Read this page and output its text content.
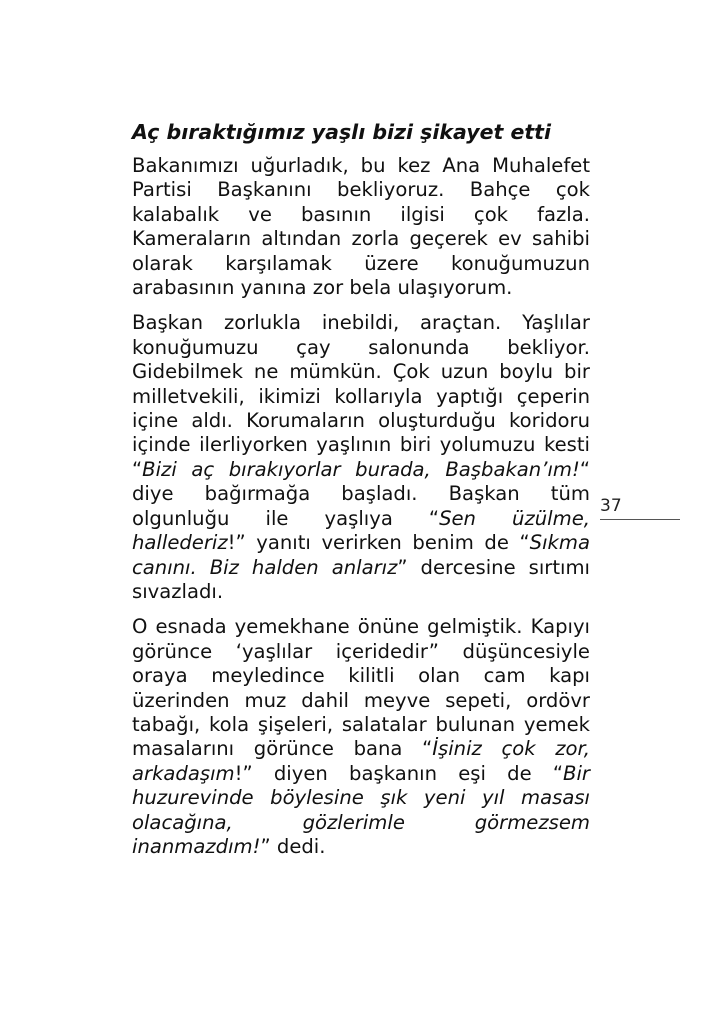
Aç bıraktığımız yaşlı bizi şikayet etti

Bakanımızı uğurladık, bu kez Ana Muhalefet Partisi Başkanını bekliyoruz. Bahçe çok kalabalık ve basının ilgisi çok fazla. Kameraların altından zorla geçerek ev sahibi olarak karşılamak üzere konuğumuzun arabasının yanına zor bela ulaşıyorum.

Başkan zorlukla inebildi, araçtan. Yaşlılar konuğumuzu çay salonunda bekliyor. Gidebilmek ne mümkün. Çok uzun boylu bir milletvekili, ikimizi kollarıyla yaptığı çeperin içine aldı. Korumaların oluşturduğu koridoru içinde ilerliyorken yaşlının biri yolumuzu kesti “Bizi aç bırakıyorlar burada, Başbakan’ım!“ diye bağırmağa başladı. Başkan tüm olgunluğu ile yaşlıya “Sen üzülme, hallederiz!” yanıtı verirken benim de “Sıkma canını. Biz halden anlarız” dercesine sırtımı sıvazladı.

O esnada yemekhane önüne gelmiştik. Kapıyı görünce ‘yaşlılar içeridedir” düşüncesiyle oraya meyledince kilitli olan cam kapı üzerinden muz dahil meyve sepeti, ordövr tabağı, kola şişeleri, salatalar bulunan yemek masalarını görünce bana “İşiniz çok zor, arkadaşım!” diyen başkanın eşi de “Bir huzurevinde böylesine şık yeni yıl masası olacağına, gözlerimle görmezsem inanmazdım!” dedi.

37
